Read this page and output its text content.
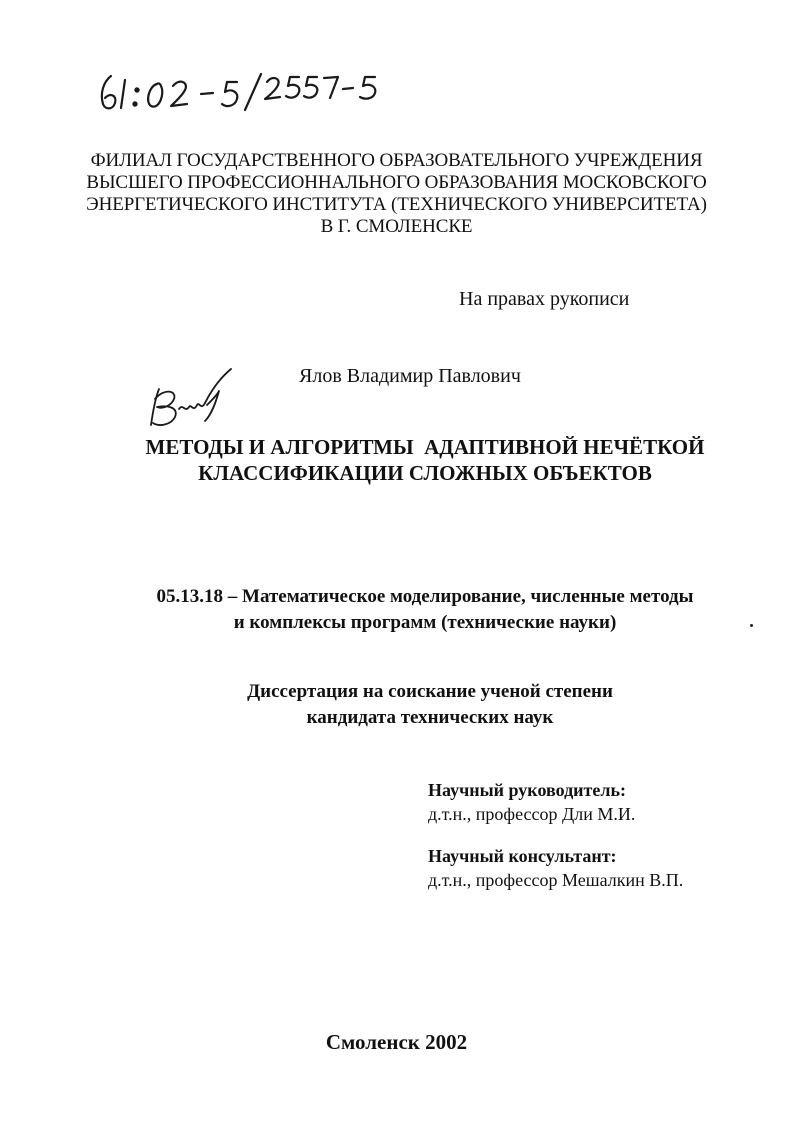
ФИЛИАЛ ГОСУДАРСТВЕННОГО ОБРАЗОВАТЕЛЬНОГО УЧРЕЖДЕНИЯ
ВЫСШЕГО ПРОФЕССИОННАЛЬНОГО ОБРАЗОВАНИЯ МОСКОВСКОГО
ЭНЕРГЕТИЧЕСКОГО ИНСТИТУТА (ТЕХНИЧЕСКОГО УНИВЕРСИТЕТА)
В Г. СМОЛЕНСКЕ
На правах рукописи
Ялов Владимир Павлович
МЕТОДЫ И АЛГОРИТМЫ  АДАПТИВНОЙ НЕЧЁТКОЙ
КЛАССИФИКАЦИИ СЛОЖНЫХ ОБЪЕКТОВ
05.13.18 – Математическое моделирование, численные методы
и комплексы программ (технические науки)
Диссертация на соискание ученой степени
кандидата технических наук
Научный руководитель:
д.т.н., профессор Дли М.И.
Научный консультант:
д.т.н., профессор Мешалкин В.П.
Смоленск 2002
